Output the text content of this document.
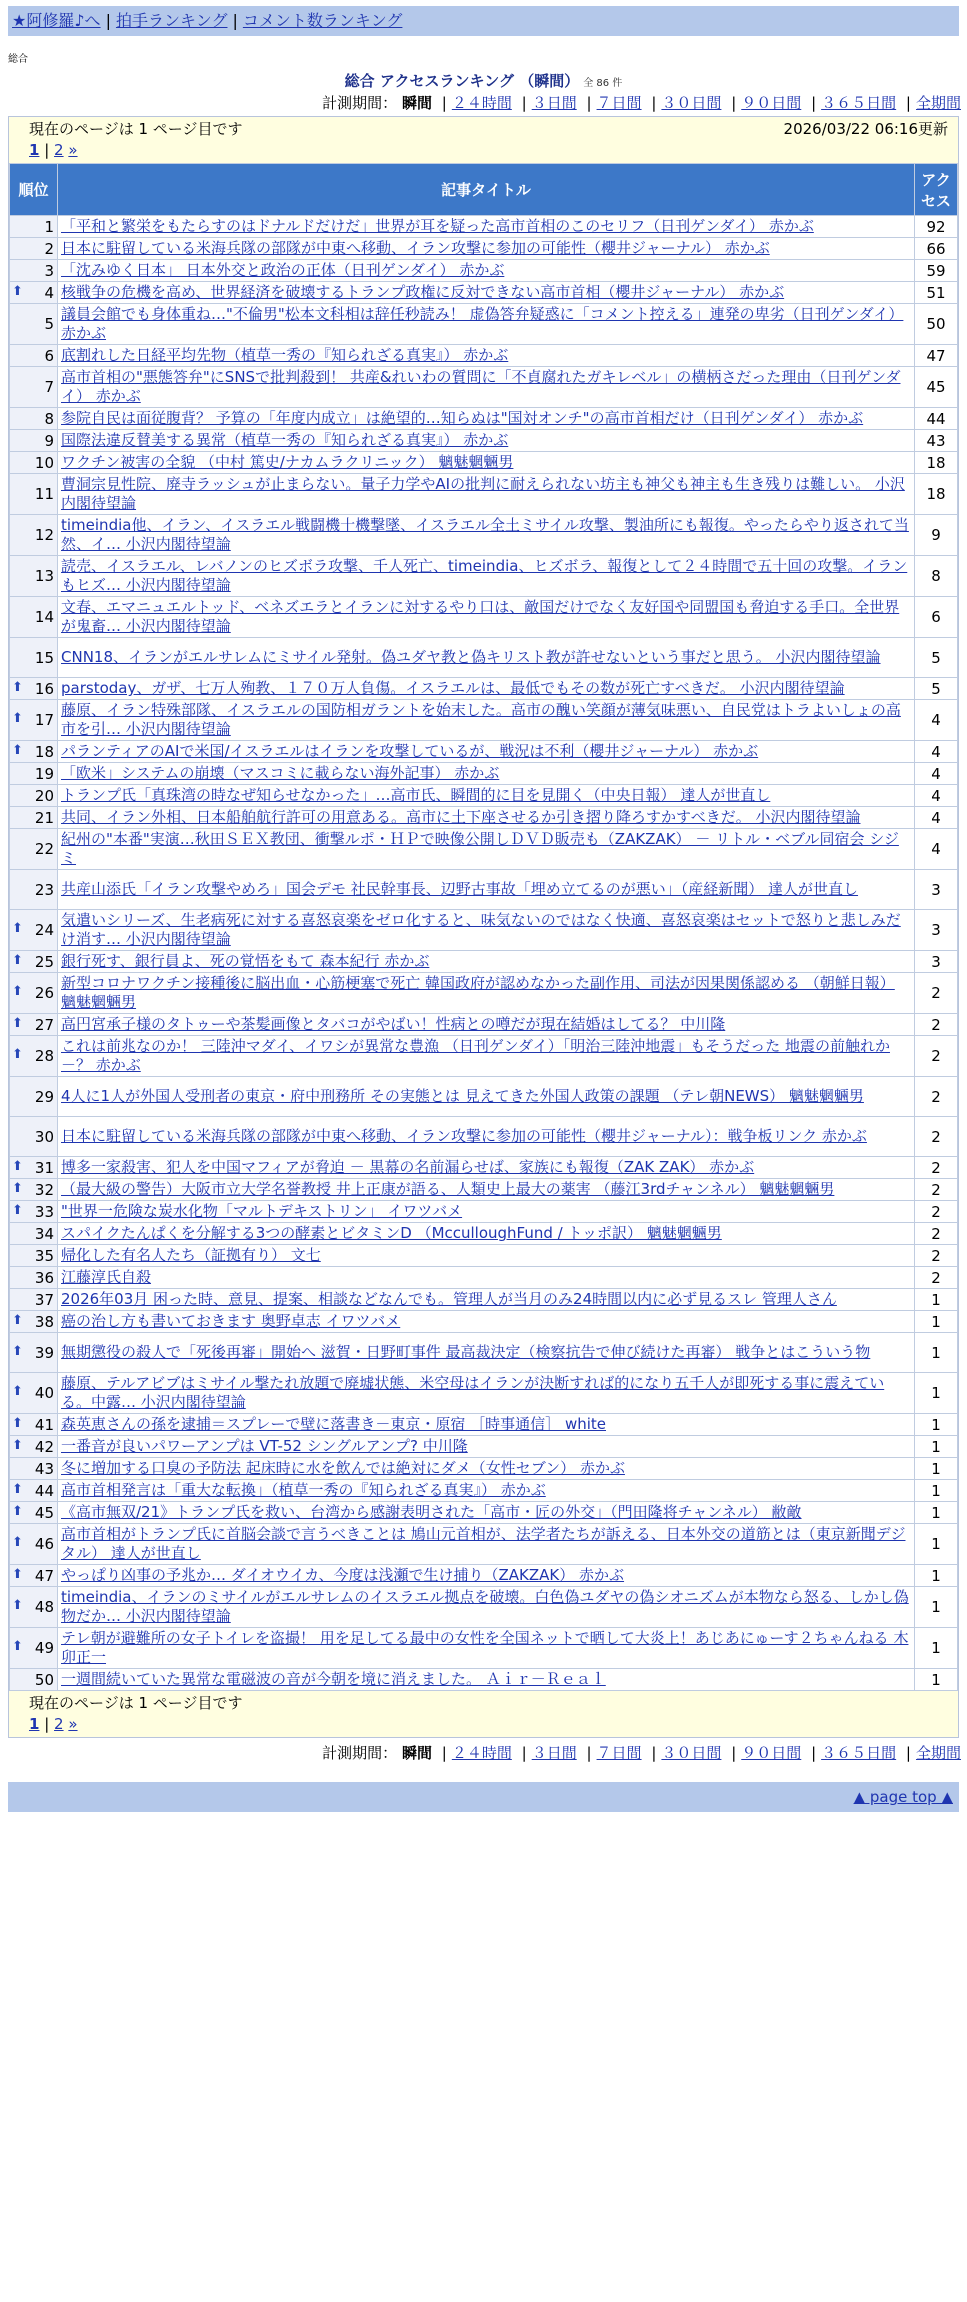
★阿修羅♪へ | 拍手ランキング | コメント数ランキング
総合
総合 アクセスランキング （瞬間） 全 86 件
計測期間： 瞬間 | ２４時間 | ３日間 | ７日間 | ３０日間 | ９０日間 | ３６５日間 | 全期間
現在のページは 1 ページ目です	2026/03/22 06:16更新
1 | 2 »
順位	記事タイトル	アクセス
1	「平和と繁栄をもたらすのはドナルドだけだ」世界が耳を疑った高市首相のこのセリフ（日刊ゲンダイ） 赤かぶ	92
2	日本に駐留している米海兵隊の部隊が中東へ移動、イラン攻撃に参加の可能性（櫻井ジャーナル） 赤かぶ	66
3	「沈みゆく日本」 日本外交と政治の正体（日刊ゲンダイ） 赤かぶ	59

⬆ 4	核戦争の危機を高め、世界経済を破壊するトランプ政権に反対できない高市首相（櫻井ジャーナル） 赤かぶ	51
5	議員会館でも身体重ね…"不倫男"松本文科相は辞任秒読み！ 虚偽答弁疑惑に「コメント控える」連発の卑劣（日刊ゲンダイ） 赤かぶ	50
6	底割れした日経平均先物（植草一秀の『知られざる真実』） 赤かぶ	47
7	高市首相の"悪態答弁"にSNSで批判殺到！ 共産&れいわの質問に「不貞腐れたガキレベル」の横柄さだった理由（日刊ゲンダイ） 赤かぶ	45
8	参院自民は面従腹背？ 予算の「年度内成立」は絶望的…知らぬは"国対オンチ"の高市首相だけ（日刊ゲンダイ） 赤かぶ	44
9	国際法違反賛美する異常（植草一秀の『知られざる真実』） 赤かぶ	43
10	ワクチン被害の全貌 （中村 篤史/ナカムラクリニック） 魑魅魍魎男	18
11	曹洞宗見性院、廃寺ラッシュが止まらない。量子力学やAIの批判に耐えられない坊主も神父も神主も生き残りは難しい。 小沢内閣待望論	18
12	timeindia他、イラン、イスラエル戦闘機十機撃墜、イスラエル全土ミサイル攻撃、製油所にも報復。やったらやり返されて当然、イ… 小沢内閣待望論	9
13	読売、イスラエル、レバノンのヒズボラ攻撃、千人死亡、timeindia、ヒズボラ、報復として２４時間で五十回の攻撃。イラン もヒズ… 小沢内閣待望論	8
14	文春、エマニュエルトッド、ベネズエラとイランに対するやり口は、敵国だけでなく友好国や同盟国も脅迫する手口。全世界が鬼畜… 小沢内閣待望論	6
15	CNN18、イランがエルサレムにミサイル発射。偽ユダヤ教と偽キリスト教が許せないという事だと思う。 小沢内閣待望論	5

⬆ 16	parstoday、ガザ、七万人殉教、１７０万人負傷。イスラエルは、最低でもその数が死亡すべきだ。 小沢内閣待望論	5

⬆ 17	藤原、イラン特殊部隊、イスラエルの国防相ガラントを始末した。高市の醜い笑顔が薄気味悪い、自民党はトラよいしょの高市を引… 小沢内閣待望論	4

⬆ 18	パランティアのAIで米国/イスラエルはイランを攻撃しているが、戦況は不利（櫻井ジャーナル） 赤かぶ	4
19	「欧米」システムの崩壊（マスコミに載らない海外記事） 赤かぶ	4
20	トランプ氏「真珠湾の時なぜ知らせなかった」…高市氏、瞬間的に目を見開く（中央日報） 達人が世直し	4
21	共同、イラン外相、日本船舶航行許可の用意ある。高市に土下座させるか引き摺り降ろすかすべきだ。 小沢内閣待望論	4
22	紀州の"本番"実演…秋田ＳＥＸ教団、衝撃ルポ・ＨＰで映像公開しＤＶＤ販売も（ZAKZAK） － リトル・ベブル同宿会 シジミ	4
23	共産山添氏「イラン攻撃やめろ」国会デモ 社民幹事長、辺野古事故「埋め立てるのが悪い」（産経新聞） 達人が世直し	3

⬆ 24	気遣いシリーズ、生老病死に対する喜怒哀楽をゼロ化すると、味気ないのではなく快適、喜怒哀楽はセットで怒りと悲しみだけ消す… 小沢内閣待望論	3

⬆ 25	銀行死す、銀行員よ、死の覚悟をもて 森本紀行 赤かぶ	3

⬆ 26	新型コロナワクチン接種後に脳出血・心筋梗塞で死亡 韓国政府が認めなかった副作用、司法が因果関係認める （朝鮮日報） 魑魅魍魎男	2

⬆ 27	高円宮承子様のタトゥーや茶髪画像とタバコがやばい！性病との噂だが現在結婚はしてる？ 中川隆	2

⬆ 28	これは前兆なのか！ 三陸沖マダイ、イワシが異常な豊漁 （日刊ゲンダイ）「明治三陸沖地震」もそうだった 地震の前触れか－？ 赤かぶ	2
29	4人に1人が外国人受刑者の東京・府中刑務所 その実態とは 見えてきた外国人政策の課題 （テレ朝NEWS） 魑魅魍魎男	2
30	日本に駐留している米海兵隊の部隊が中東へ移動、イラン攻撃に参加の可能性（櫻井ジャーナル）：戦争板リンク 赤かぶ	2

⬆ 31	博多一家殺害、犯人を中国マフィアが脅迫 － 黒幕の名前漏らせば、家族にも報復（ZAK ZAK） 赤かぶ	2

⬆ 32	（最大級の警告）大阪市立大学名誉教授 井上正康が語る、人類史上最大の薬害 （藤江3rdチャンネル） 魑魅魍魎男	2

⬆ 33	"世界一危険な炭水化物「マルトデキストリン」 イワツバメ	2
34	スパイクたんぱくを分解する3つの酵素とビタミンD （McculloughFund / トッポ訳） 魑魅魍魎男	2
35	帰化した有名人たち（証拠有り） 文七	2
36	江藤淳氏自殺	2
37	2026年03月 困った時、意見、提案、相談などなんでも。管理人が当月のみ24時間以内に必ず見るスレ 管理人さん	1

⬆ 38	癌の治し方も書いておきます 奥野卓志 イワツバメ	1

⬆ 39	無期懲役の殺人で「死後再審」開始へ 滋賀・日野町事件 最高裁決定（検察抗告で伸び続けた再審） 戦争とはこういう物	1

⬆ 40	藤原、テルアビブはミサイル撃たれ放題で廃墟状態、米空母はイランが決断すれば的になり五千人が即死する事に震えている。中露… 小沢内閣待望論	1

⬆ 41	森英恵さんの孫を逮捕＝スプレーで壁に落書き－東京・原宿 ［時事通信］ white	1

⬆ 42	一番音が良いパワーアンプは VT-52 シングルアンプ? 中川隆	1
43	冬に増加する口臭の予防法 起床時に水を飲んでは絶対にダメ（女性セブン） 赤かぶ	1

⬆ 44	高市首相発言は「重大な転換」（植草一秀の『知られざる真実』） 赤かぶ	1

⬆ 45	《高市無双/21》トランプ氏を救い、台湾から感謝表明された「高市・匠の外交」（門田隆将チャンネル） 敝敵	1

⬆ 46	高市首相がトランプ氏に首脳会談で言うべきことは 鳩山元首相が、法学者たちが訴える、日本外交の道筋とは（東京新聞デジタル） 達人が世直し	1

⬆ 47	やっぱり凶事の予兆か… ダイオウイカ、今度は浅瀬で生け捕り（ZAKZAK） 赤かぶ	1

⬆ 48	timeindia、イランのミサイルがエルサレムのイスラエル拠点を破壊。白色偽ユダヤの偽シオニズムが本物なら怒る、しかし偽物だか… 小沢内閣待望論	1

⬆ 49	テレ朝が避難所の女子トイレを盗撮！ 用を足してる最中の女性を全国ネットで晒して大炎上！あじあにゅーす２ちゃんねる 木卯正一	1
50	一週間続いていた異常な電磁波の音が今朝を境に消えました。 Ａｉｒ－Ｒｅａｌ	1
現在のページは 1 ページ目です
1 | 2 »
計測期間： 瞬間 | ２４時間 | ３日間 | ７日間 | ３０日間 | ９０日間 | ３６５日間 | 全期間
▲ page top ▲
